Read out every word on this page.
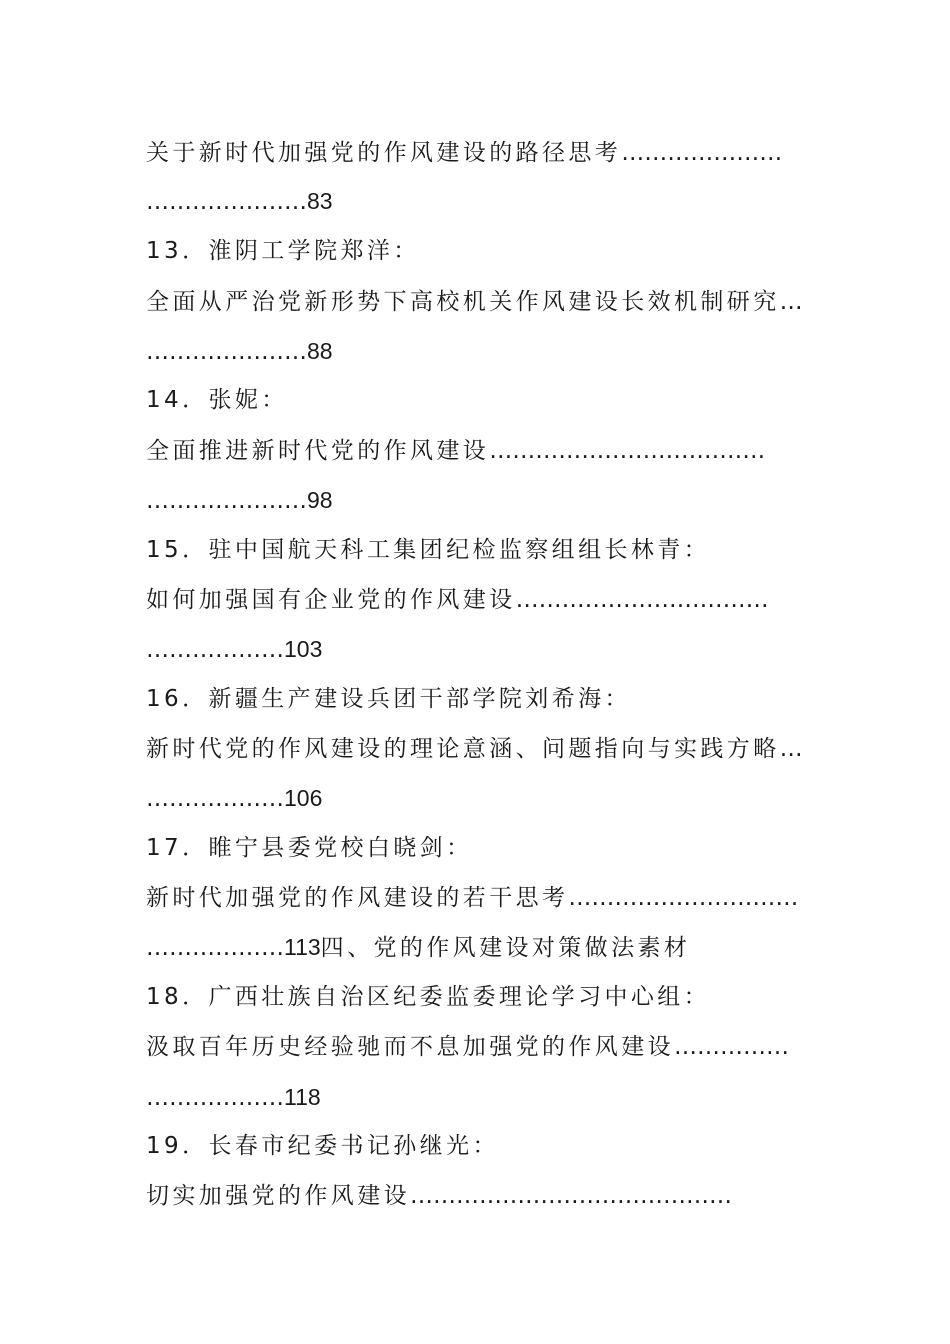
关于新时代加强党的作风建设的路径思考…………………
…………………83
13．淮阴工学院郑洋：
全面从严治党新形势下高校机关作风建设长效机制研究…
…………………88
14．张妮：
全面推进新时代党的作风建设………………………………
…………………98
15．驻中国航天科工集团纪检监察组组长林青：
如何加强国有企业党的作风建设……………………………
………………103
16．新疆生产建设兵团干部学院刘希海：
新时代党的作风建设的理论意涵、问题指向与实践方略…
………………106
17．睢宁县委党校白晓剑：
新时代加强党的作风建设的若干思考…………………………
………………113四、党的作风建设对策做法素材
18．广西壮族自治区纪委监委理论学习中心组：
汲取百年历史经验驰而不息加强党的作风建设……………
………………118
19．长春市纪委书记孙继光：
切实加强党的作风建设……………………………………
